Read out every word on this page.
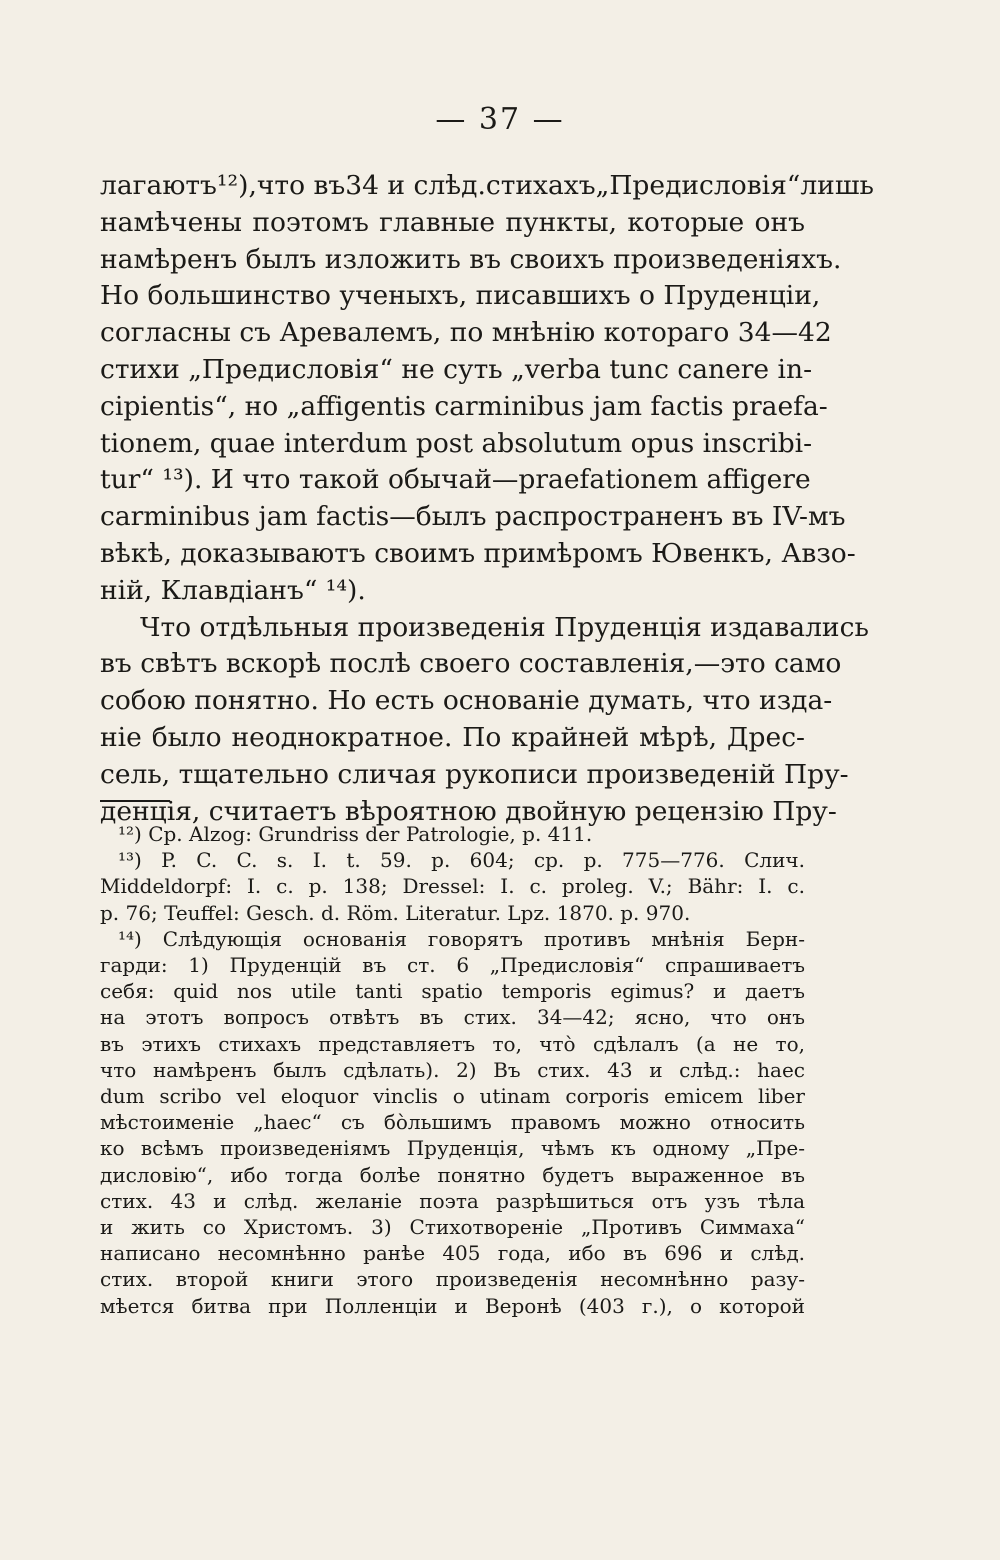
— 37 —
лагаютъ¹²),что въ34 и слѣд.стихахъ„Предисловія“лишь
намѣчены поэтомъ главные пункты, которые онъ
намѣренъ былъ изложить въ своихъ произведеніяхъ.
Но большинство ученыхъ, писавшихъ о Пруденціи,
согласны съ Аревалемъ, по мнѣнію котораго 34—42
стихи „Предисловія“ не суть „verba tunc canere in-
cipientis“, но „affigentis carminibus jam factis praefa-
tionem, quae interdum post absolutum opus inscribi-
tur“ ¹³). И что такой обычай—praefationem affigere
carminibus jam factis—былъ распространенъ въ IV-мъ
вѣкѣ, доказываютъ своимъ примѣромъ Ювенкъ, Авзо-
ній, Клавдіанъ“ ¹⁴).
Что отдѣльныя произведенія Пруденція издавались
въ свѣтъ вскорѣ послѣ своего составленія,—это само
собою понятно. Но есть основаніе думать, что изда-
ніе было неоднократное. По крайней мѣрѣ, Дрес-
сель, тщательно сличая рукописи произведеній Пру-
денція, считаетъ вѣроятною двойную рецензію Пру-
¹²) Cp. Alzog: Grundriss der Patrologie, p. 411.
¹³) P. C. C. s. I. t. 59. p. 604; cp. p. 775—776. Слич.
Middeldorpf: I. c. p. 138; Dressel: I. c. proleg. V.; Bähr: I. c.
p. 76; Teuffel: Gesch. d. Röm. Literatur. Lpz. 1870. p. 970.
¹⁴) Слѣдующія основанія говорятъ противъ мнѣнія Берн-
гарди: 1) Пруденцій въ ст. 6 „Предисловія“ спрашиваетъ
себя: quid nos utile tanti spatio temporis egimus? и даетъ
на этотъ вопросъ отвѣтъ въ стих. 34—42; ясно, что онъ
въ этихъ стихахъ представляетъ то, что̀ сдѣлалъ (а не то,
что намѣренъ былъ сдѣлать). 2) Въ стих. 43 и слѣд.: haec
dum scribo vel eloquor vinclis o utinam corporis emicem liber
мѣстоименіе „haec“ съ бо̀льшимъ правомъ можно относить
ко всѣмъ произведеніямъ Пруденція, чѣмъ къ одному „Пре-
дисловію“, ибо тогда болѣе понятно будетъ выраженное въ
стих. 43 и слѣд. желаніе поэта разрѣшиться отъ узъ тѣла
и жить со Христомъ. 3) Стихотвореніе „Противъ Симмаха“
написано несомнѣнно ранѣе 405 года, ибо въ 696 и слѣд.
стих. второй книги этого произведенія несомнѣнно разу-
мѣется битва при Полленціи и Веронѣ (403 г.), о которой
